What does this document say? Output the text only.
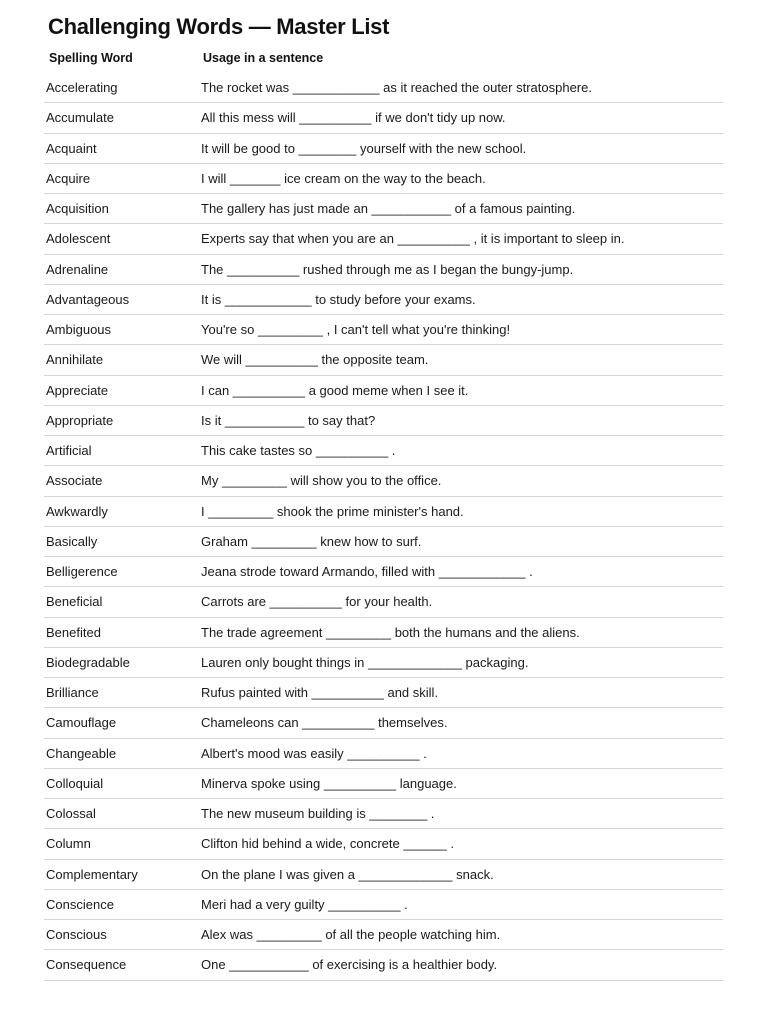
Challenging Words — Master List
Spelling Word	Usage in a sentence
Accelerating	The rocket was ____________ as it reached the outer stratosphere.
Accumulate	All this mess will __________ if we don't tidy up now.
Acquaint	It will be good to ________ yourself with the new school.
Acquire	I will _______ ice cream on the way to the beach.
Acquisition	The gallery has just made an ___________ of a famous painting.
Adolescent	Experts say that when you are an __________ , it is important to sleep in.
Adrenaline	The __________ rushed through me as I began the bungy-jump.
Advantageous	It is ____________ to study before your exams.
Ambiguous	You're so _________ , I can't tell what you're thinking!
Annihilate	We will __________ the opposite team.
Appreciate	I can __________ a good meme when I see it.
Appropriate	Is it ___________ to say that?
Artificial	This cake tastes so __________ .
Associate	My _________ will show you to the office.
Awkwardly	I _________ shook the prime minister's hand.
Basically	Graham _________ knew how to surf.
Belligerence	Jeana strode toward Armando, filled with ____________ .
Beneficial	Carrots are __________ for your health.
Benefited	The trade agreement _________ both the humans and the aliens.
Biodegradable	Lauren only bought things in _____________ packaging.
Brilliance	Rufus painted with __________ and skill.
Camouflage	Chameleons can __________ themselves.
Changeable	Albert's mood was easily __________ .
Colloquial	Minerva spoke using __________ language.
Colossal	The new museum building is ________ .
Column	Clifton hid behind a wide, concrete ______ .
Complementary	On the plane I was given a _____________ snack.
Conscience	Meri had a very guilty __________ .
Conscious	Alex was _________ of all the people watching him.
Consequence	One ___________ of exercising is a healthier body.
